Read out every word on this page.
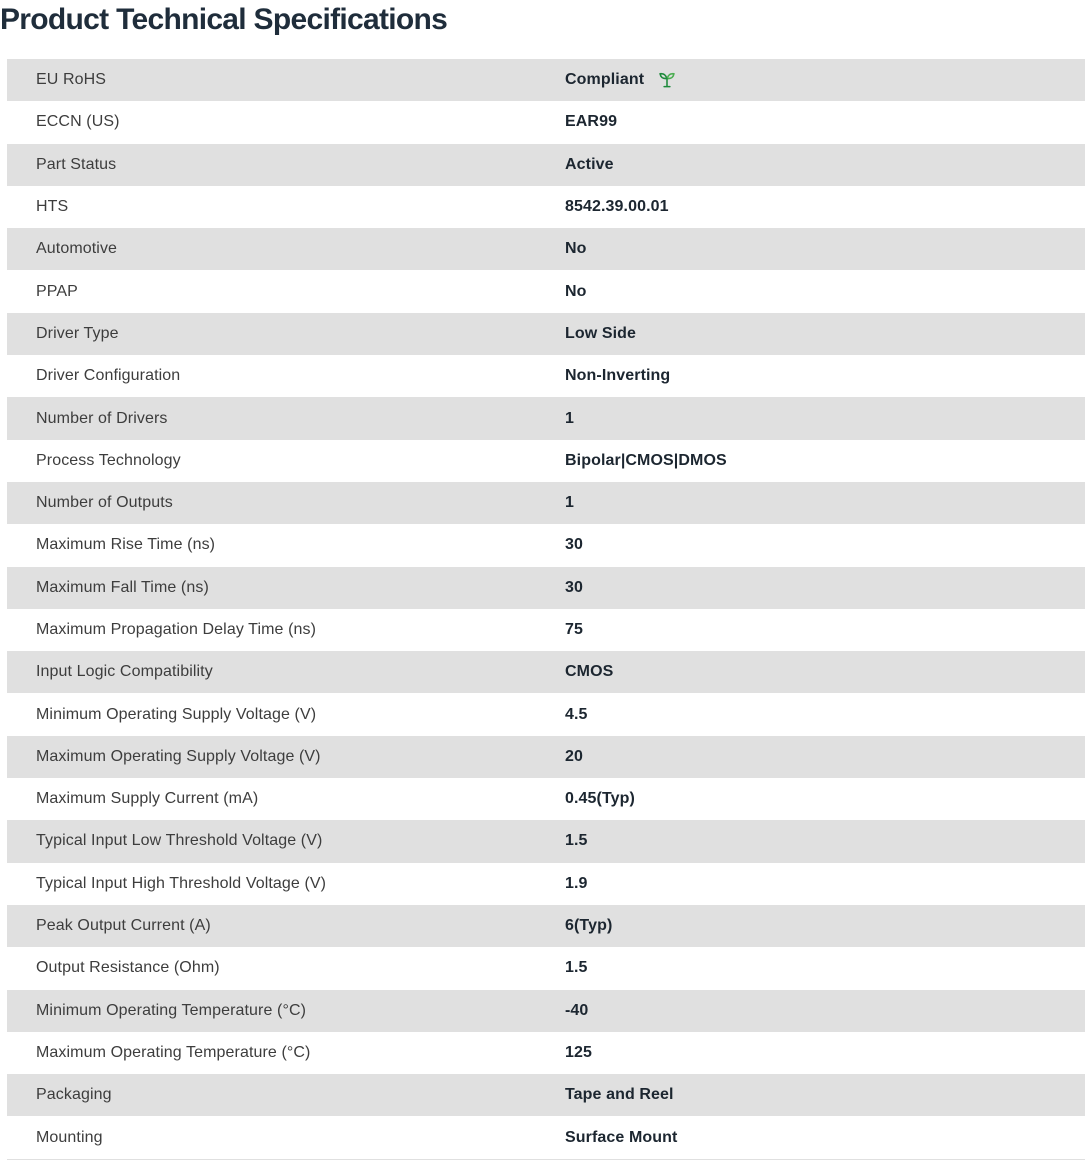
Product Technical Specifications
EU RoHS	Compliant
ECCN (US)	EAR99
Part Status	Active
HTS	8542.39.00.01
Automotive	No
PPAP	No
Driver Type	Low Side
Driver Configuration	Non-Inverting
Number of Drivers	1
Process Technology	Bipolar|CMOS|DMOS
Number of Outputs	1
Maximum Rise Time (ns)	30
Maximum Fall Time (ns)	30
Maximum Propagation Delay Time (ns)	75
Input Logic Compatibility	CMOS
Minimum Operating Supply Voltage (V)	4.5
Maximum Operating Supply Voltage (V)	20
Maximum Supply Current (mA)	0.45(Typ)
Typical Input Low Threshold Voltage (V)	1.5
Typical Input High Threshold Voltage (V)	1.9
Peak Output Current (A)	6(Typ)
Output Resistance (Ohm)	1.5
Minimum Operating Temperature (°C)	-40
Maximum Operating Temperature (°C)	125
Packaging	Tape and Reel
Mounting	Surface Mount
